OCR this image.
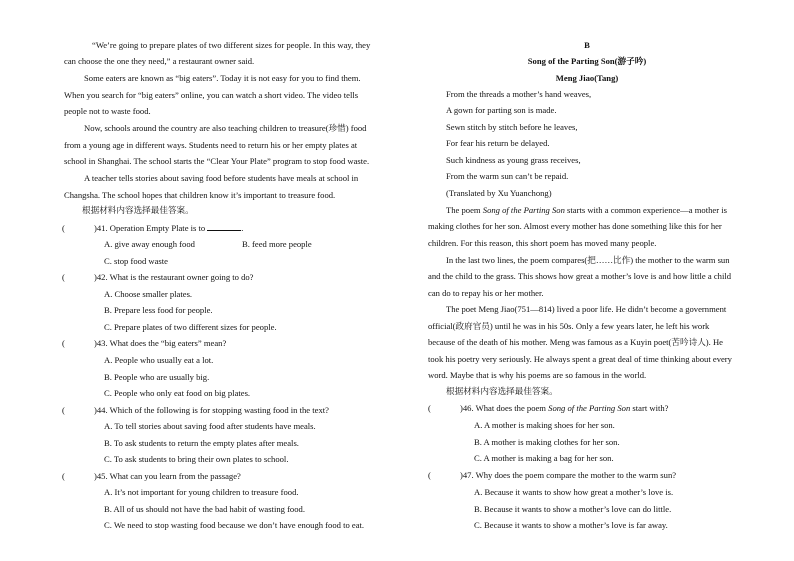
“We’re going to prepare plates of two different sizes for people. In this way, they
can choose the one they need,” a restaurant owner said.
Some eaters are known as “big eaters”. Today it is not easy for you to find them.
When you search for “big eaters” online, you can watch a short video. The video tells
people not to waste food.
Now, schools around the country are also teaching children to treasure(珍惜) food
from a young age in different ways. Students need to return his or her empty plates at
school in Shanghai. The school starts the “Clear Your Plate” program to stop food waste.
A teacher tells stories about saving food before students have meals at school in
Changsha. The school hopes that children know it’s important to treasure food.
根据材料内容选择最佳答案。
(	)41. Operation Empty Plate is to	.
A. give away enough food	B. feed more people
C. stop food waste
(	)42. What is the restaurant owner going to do?
A. Choose smaller plates.
B. Prepare less food for people.
C. Prepare plates of two different sizes for people.
(	)43. What does the “big eaters” mean?
A. People who usually eat a lot.
B. People who are usually big.
C. People who only eat food on big plates.
(	)44. Which of the following is for stopping wasting food in the text?
A. To tell stories about saving food after students have meals.
B. To ask students to return the empty plates after meals.
C. To ask students to bring their own plates to school.
(	)45. What can you learn from the passage?
A. It’s not important for young children to treasure food.
B. All of us should not have the bad habit of wasting food.
C. We need to stop wasting food because we don’t have enough food to eat.
B
Song of the Parting Son(游子吟)
Meng Jiao(Tang)
From the threads a mother’s hand weaves,
A gown for parting son is made.
Sewn stitch by stitch before he leaves,
For fear his return be delayed.
Such kindness as young grass receives,
From the warm sun can’t be repaid.
(Translated by Xu Yuanchong)
The poem Song of the Parting Son starts with a common experience—a mother is
making clothes for her son. Almost every mother has done something like this for her
children. For this reason, this short poem has moved many people.
In the last two lines, the poem compares(把……比作) the mother to the warm sun
and the child to the grass. This shows how great a mother’s love is and how little a child
can do to repay his or her mother.
The poet Meng Jiao(751—814) lived a poor life. He didn’t become a government
official(政府官员) until he was in his 50s. Only a few years later, he left his work
because of the death of his mother. Meng was famous as a Kuyin poet(苦吟诗人). He
took his poetry very seriously. He always spent a great deal of time thinking about every
word. Maybe that is why his poems are so famous in the world.
根据材料内容选择最佳答案。
(	)46. What does the poem Song of the Parting Son start with?
A. A mother is making shoes for her son.
B. A mother is making clothes for her son.
C. A mother is making a bag for her son.
(	)47. Why does the poem compare the mother to the warm sun?
A. Because it wants to show how great a mother’s love is.
B. Because it wants to show a mother’s love can do little.
C. Because it wants to show a mother’s love is far away.
